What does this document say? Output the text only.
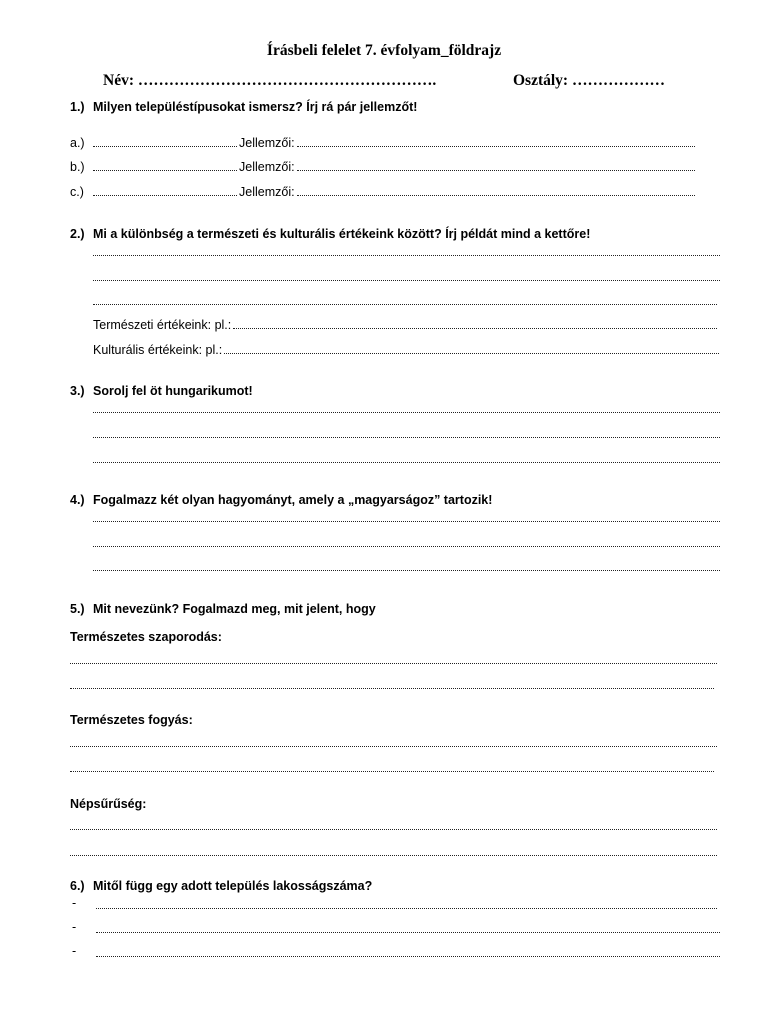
Írásbeli felelet 7. évfolyam_földrajz
Név: ………………………………………………….	Osztály: ………………
1.) Milyen településtípusokat ismersz? Írj rá pár jellemzőt!
a.)	Jellemzői:
b.)	Jellemzői:
c.)	Jellemzői:
2.) Mi a különbség a természeti és kulturális értékeink között? Írj példát mind a kettőre!
Természeti értékeink: pl.:
Kulturális értékeink: pl.:
3.) Sorolj fel öt hungarikumot!
4.) Fogalmazz két olyan hagyományt, amely a „magyarságoz” tartozik!
5.) Mit nevezünk? Fogalmazd meg, mit jelent, hogy
Természetes szaporodás:
Természetes fogyás:
Népsűrűség:
6.) Mitől függ egy adott település lakosságszáma?
-
-
-
